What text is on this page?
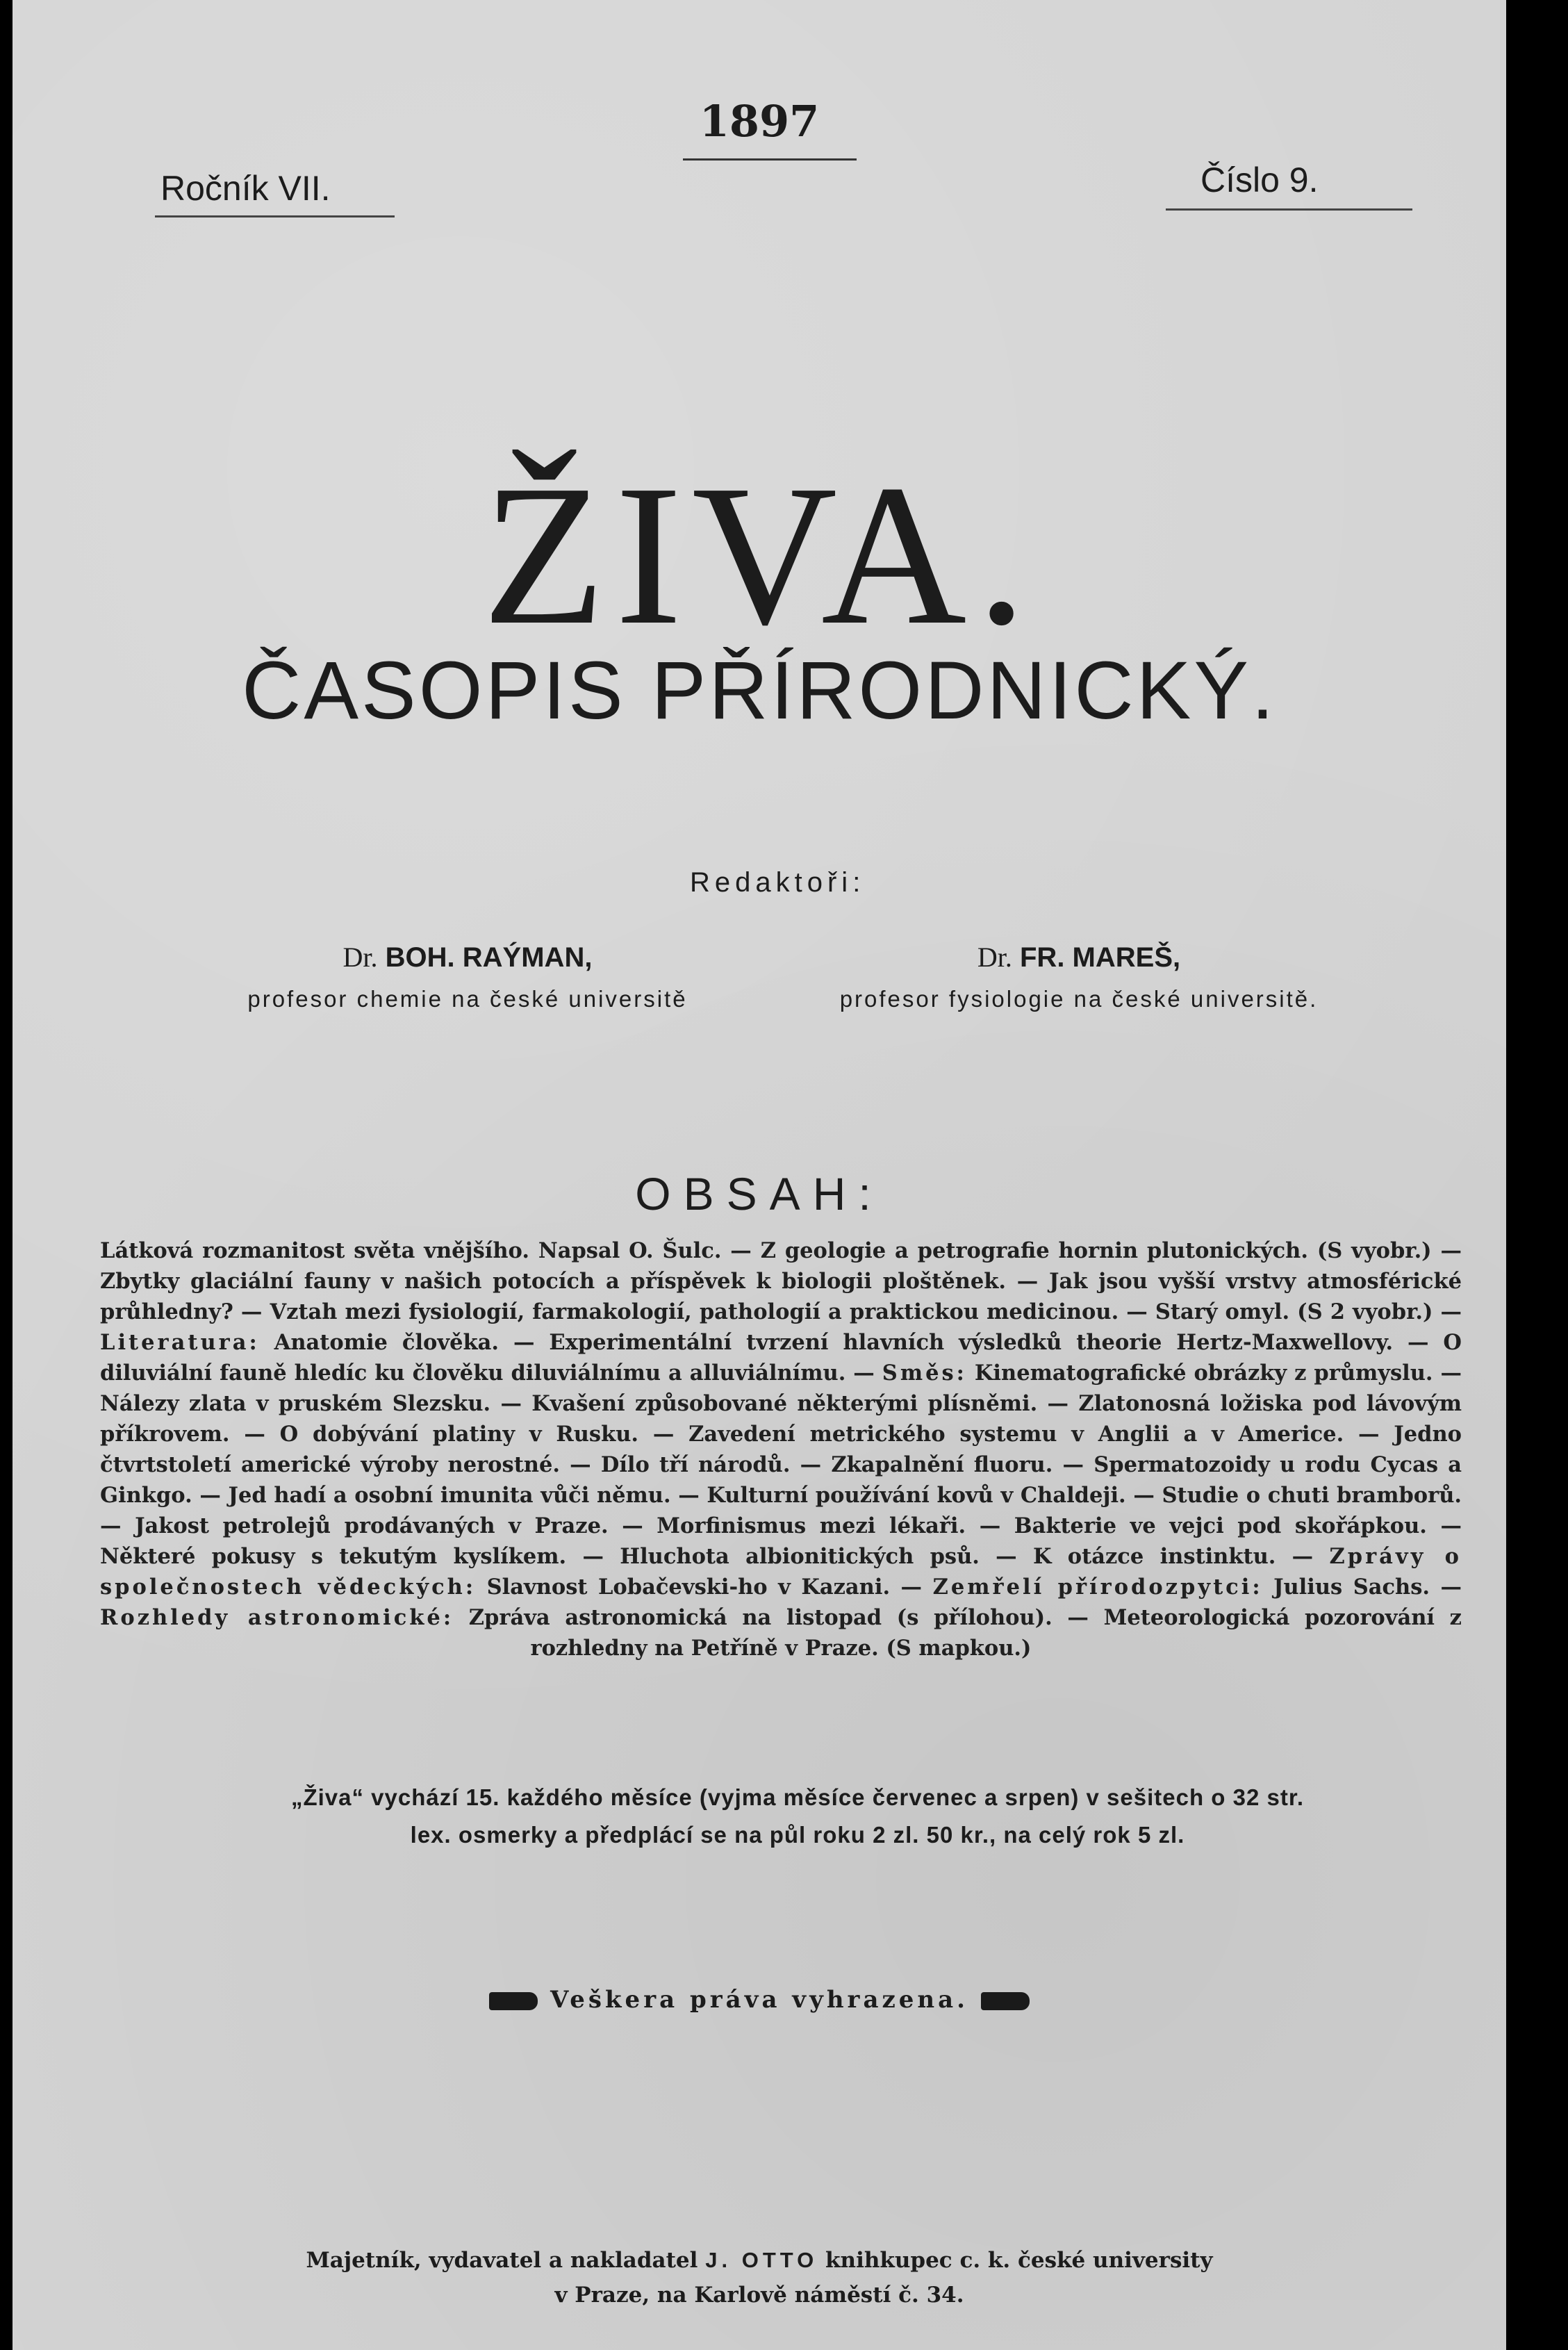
1897
Ročník VII.	Číslo 9.
ŽIVA.
ČASOPIS PŘÍRODNICKÝ.
Redaktoři:
Dr. BOH. RAÝMAN,
profesor chemie na české universitě
Dr. FR. MAREŠ,
profesor fysiologie na české universitě.
OBSAH:
Látková rozmanitost světa vnějšího. Napsal O. Šulc. — Z geologie a petrografie hornin plutonických. (S vyobr.) — Zbytky glaciální fauny v našich potocích a příspěvek k biologii ploštěnek. — Jak jsou vyšší vrstvy atmosférické průhledny? — Vztah mezi fysiologií, farmakologií, pathologií a praktickou medicinou. — Starý omyl. (S 2 vyobr.) — Literatura: Anatomie člověka. — Experimentální tvrzení hlavních výsledků theorie Hertz-Maxwellovy. — O diluviální fauně hledíc ku člověku diluviálnímu a alluviálnímu. — Směs: Kinematografické obrázky z průmyslu. — Nálezy zlata v pruském Slezsku. — Kvašení způsobované některými plísněmi. — Zlatonosná ložiska pod lávovým příkrovem. — O dobývání platiny v Rusku. — Zavedení metrického systemu v Anglii a v Americe. — Jedno čtvrtstoletí americké výroby nerostné. — Dílo tří národů. — Zkapalnění fluoru. — Spermatozoidy u rodu Cycas a Ginkgo. — Jed hadí a osobní imunita vůči němu. — Kulturní používání kovů v Chaldeji. — Studie o chuti bramborů. — Jakost petrolejů prodávaných v Praze. — Morfinismus mezi lékaři. — Bakterie ve vejci pod skořápkou. — Některé pokusy s tekutým kyslíkem. — Hluchota albionitických psů. — K otázce instinktu. — Zprávy o společnostech vědeckých: Slavnost Lobačevski-ho v Kazani. — Zemřelí přírodozpytci: Julius Sachs. — Rozhledy astronomické: Zpráva astronomická na listopad (s přílohou). — Meteorologická pozorování z rozhledny na Petříně v Praze. (S mapkou.)
„Živa“ vychází 15. každého měsíce (vyjma měsíce červenec a srpen) v sešitech o 32 str.
lex. osmerky a předplácí se na půl roku 2 zl. 50 kr., na celý rok 5 zl.
Veškera práva vyhrazena.
Majetník, vydavatel a nakladatel J. OTTO knihkupec c. k. české university
v Praze, na Karlově náměstí č. 34.
